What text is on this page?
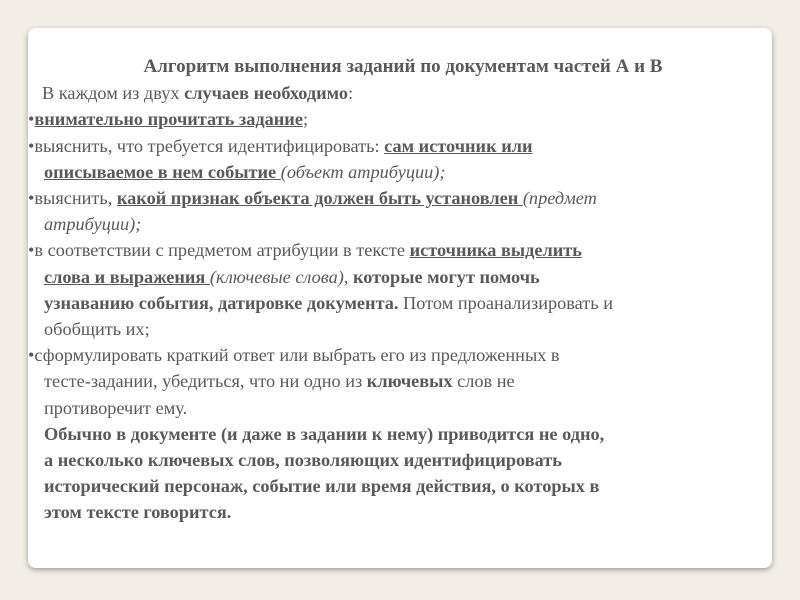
Алгоритм выполнения заданий по документам частей А и В
В каждом из двух случаев необходимо:
•внимательно прочитать задание;
•выяснить, что требуется идентифицировать: сам источник или
описываемое в нем событие (объект атрибуции);
•выяснить, какой признак объекта должен быть установлен (предмет
атрибуции);
•в соответствии с предметом атрибуции в тексте источника выделить
слова и выражения (ключевые слова), которые могут помочь
узнаванию события, датировке документа. Потом проанализировать и
обобщить их;
•сформулировать краткий ответ или выбрать его из предложенных в
тесте-задании, убедиться, что ни одно из ключевых слов не
противоречит ему.
Обычно в документе (и даже в задании к нему) приводится не одно,
а несколько ключевых слов, позволяющих идентифицировать
исторический персонаж, событие или время действия, о которых в
этом тексте говорится.
